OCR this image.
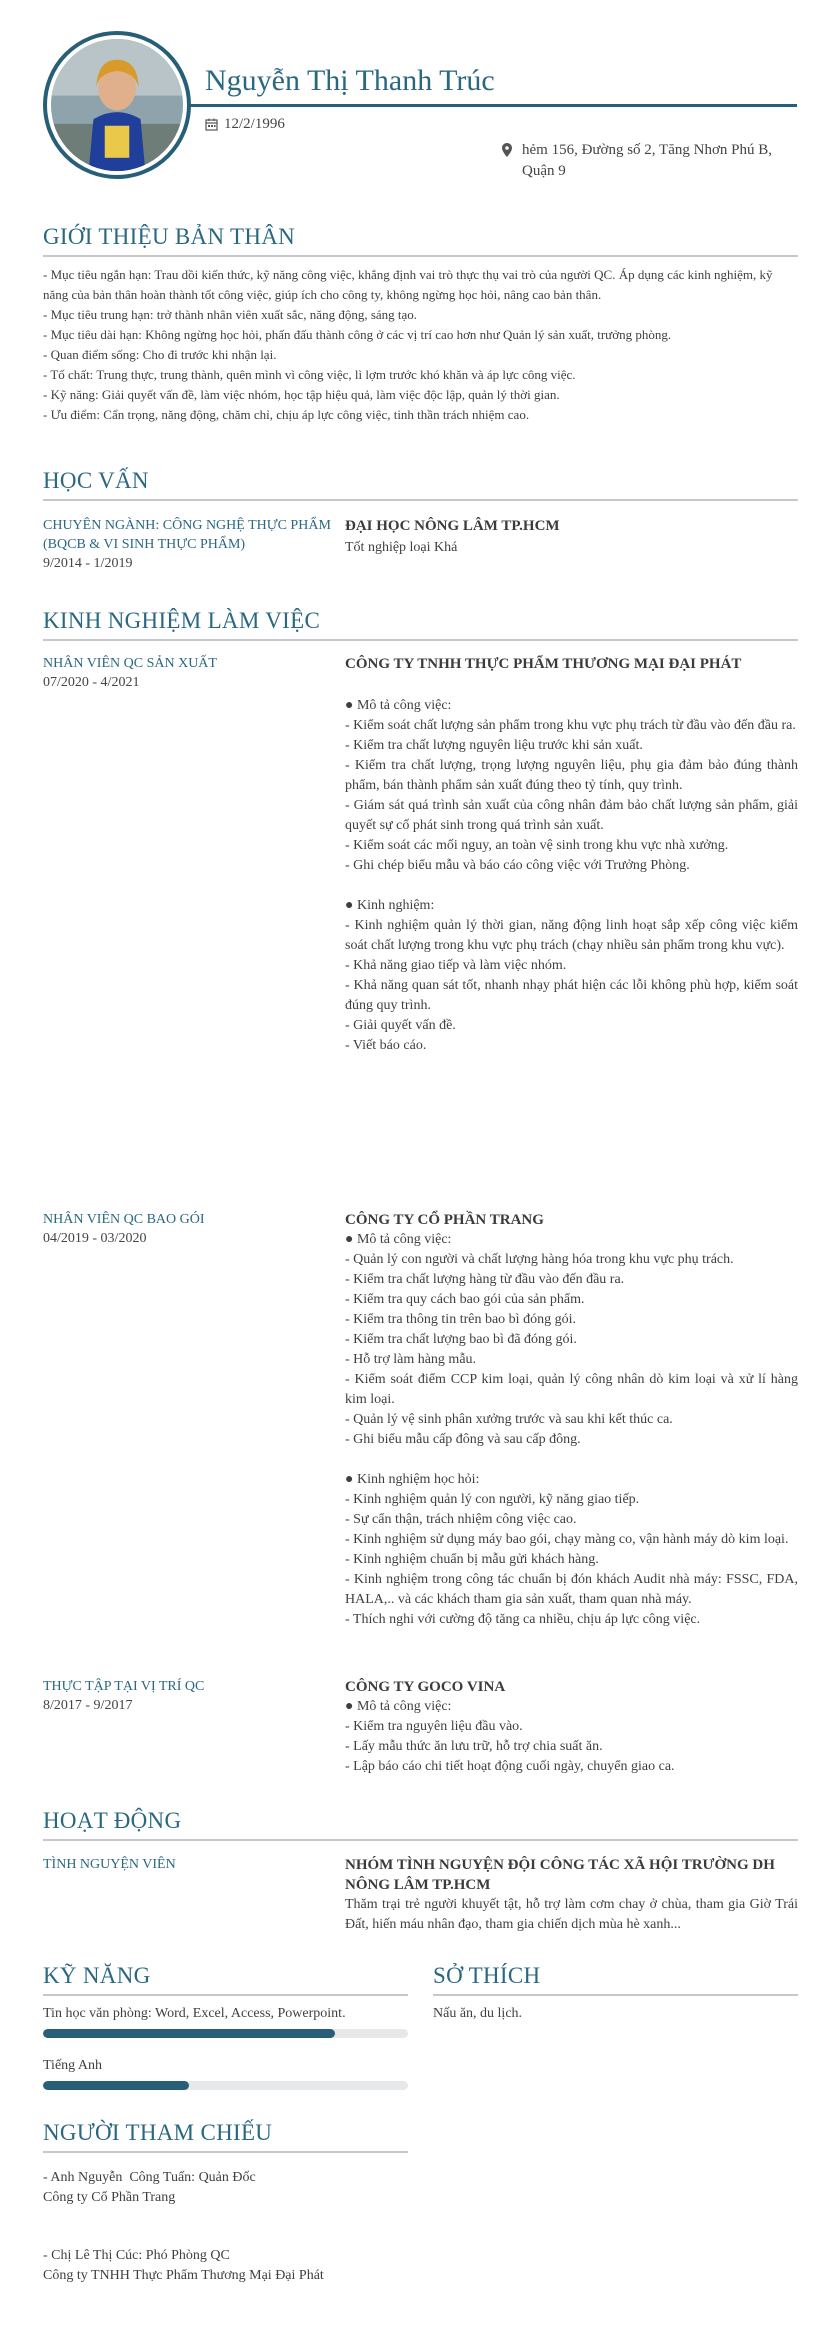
Nguyễn Thị Thanh Trúc
12/2/1996
hẻm 156, Đường số 2, Tăng Nhơn Phú B, Quận 9
GIỚI THIỆU BẢN THÂN
- Mục tiêu ngắn hạn: Trau dồi kiến thức, kỹ năng công việc, khẳng định vai trò thực thụ vai trò của người QC. Áp dụng các kinh nghiệm, kỹ năng của bản thân hoàn thành tốt công việc, giúp ích cho công ty, không ngừng học hỏi, nâng cao bản thân.
- Mục tiêu trung hạn: trở thành nhân viên xuất sắc, năng động, sáng tạo.
- Mục tiêu dài hạn: Không ngừng học hỏi, phấn đấu thành công ở các vị trí cao hơn như Quản lý sản xuất, trưởng phòng.
- Quan điểm sống: Cho đi trước khi nhận lại.
- Tố chất: Trung thực, trung thành, quên mình vì công việc, lì lợm trước khó khăn và áp lực công việc.
- Kỹ năng: Giải quyết vấn đề, làm việc nhóm, học tập hiệu quả, làm việc độc lập, quản lý thời gian.
- Ưu điểm: Cẩn trọng, năng động, chăm chỉ, chịu áp lực công việc, tinh thần trách nhiệm cao.
HỌC VẤN
CHUYÊN NGÀNH: CÔNG NGHỆ THỰC PHẨM (BQCB & VI SINH THỰC PHẨM)
9/2014 - 1/2019
ĐẠI HỌC NÔNG LÂM TP.HCM
Tốt nghiệp loại Khá
KINH NGHIỆM LÀM VIỆC
NHÂN VIÊN QC SẢN XUẤT
07/2020 - 4/2021
CÔNG TY TNHH THỰC PHẨM THƯƠNG MẠI ĐẠI PHÁT
● Mô tả công việc:
- Kiểm soát chất lượng sản phẩm trong khu vực phụ trách từ đầu vào đến đầu ra.
- Kiểm tra chất lượng nguyên liệu trước khi sản xuất.
- Kiểm tra chất lượng, trọng lượng nguyên liệu, phụ gia đảm bảo đúng thành phẩm, bán thành phẩm sản xuất đúng theo tỷ tính, quy trình.
- Giám sát quá trình sản xuất của công nhân đảm bảo chất lượng sản phẩm, giải quyết sự cố phát sinh trong quá trình sản xuất.
- Kiểm soát các mối nguy, an toàn vệ sinh trong khu vực nhà xưởng.
- Ghi chép biểu mẫu và báo cáo công việc với Trưởng Phòng.
● Kinh nghiệm:
- Kinh nghiệm quản lý thời gian, năng động linh hoạt sắp xếp công việc kiểm soát chất lượng trong khu vực phụ trách (chạy nhiều sản phẩm trong khu vực).
- Khả năng giao tiếp và làm việc nhóm.
- Khả năng quan sát tốt, nhanh nhạy phát hiện các lỗi không phù hợp, kiểm soát đúng quy trình.
- Giải quyết vấn đề.
- Viết báo cáo.
NHÂN VIÊN QC BAO GÓI
04/2019 - 03/2020
CÔNG TY CỔ PHẦN TRANG
● Mô tả công việc:
- Quản lý con người và chất lượng hàng hóa trong khu vực phụ trách.
- Kiểm tra chất lượng hàng từ đầu vào đến đầu ra.
- Kiểm tra quy cách bao gói của sản phẩm.
- Kiểm tra thông tin trên bao bì đóng gói.
- Kiểm tra chất lượng bao bì đã đóng gói.
- Hỗ trợ làm hàng mẫu.
- Kiểm soát điểm CCP kim loại, quản lý công nhân dò kim loại và xử lí hàng kim loại.
- Quản lý vệ sinh phân xưởng trước và sau khi kết thúc ca.
- Ghi biểu mẫu cấp đông và sau cấp đông.
● Kinh nghiệm học hỏi:
- Kinh nghiệm quản lý con người, kỹ năng giao tiếp.
- Sự cẩn thận, trách nhiệm công việc cao.
- Kinh nghiệm sử dụng máy bao gói, chạy màng co, vận hành máy dò kim loại.
- Kinh nghiệm chuẩn bị mẫu gửi khách hàng.
- Kinh nghiệm trong công tác chuẩn bị đón khách Audit nhà máy: FSSC, FDA, HALA,.. và các khách tham gia sản xuất, tham quan nhà máy.
- Thích nghi với cường độ tăng ca nhiều, chịu áp lực công việc.
THỰC TẬP TẠI VỊ TRÍ QC
8/2017 - 9/2017
CÔNG TY GOCO VINA
● Mô tả công việc:
- Kiểm tra nguyên liệu đầu vào.
- Lấy mẫu thức ăn lưu trữ, hỗ trợ chia suất ăn.
- Lập báo cáo chi tiết hoạt động cuối ngày, chuyển giao ca.
HOẠT ĐỘNG
TÌNH NGUYỆN VIÊN	NHÓM TÌNH NGUYỆN ĐỘI CÔNG TÁC XÃ HỘI TRƯỜNG DH NÔNG LÂM TP.HCM
Thăm trại trẻ người khuyết tật, hỗ trợ làm cơm chay ở chùa, tham gia Giờ Trái Đất, hiến máu nhân đạo, tham gia chiến dịch mùa hè xanh...
KỸ NĂNG
Tin học văn phòng: Word, Excel, Access, Powerpoint.
Tiếng Anh
SỞ THÍCH
Nấu ăn, du lịch.
NGƯỜI THAM CHIẾU
- Anh Nguyễn  Công Tuấn: Quản Đốc
Công ty Cổ Phần Trang
- Chị Lê Thị Cúc: Phó Phòng QC
Công ty TNHH Thực Phẩm Thương Mại Đại Phát
